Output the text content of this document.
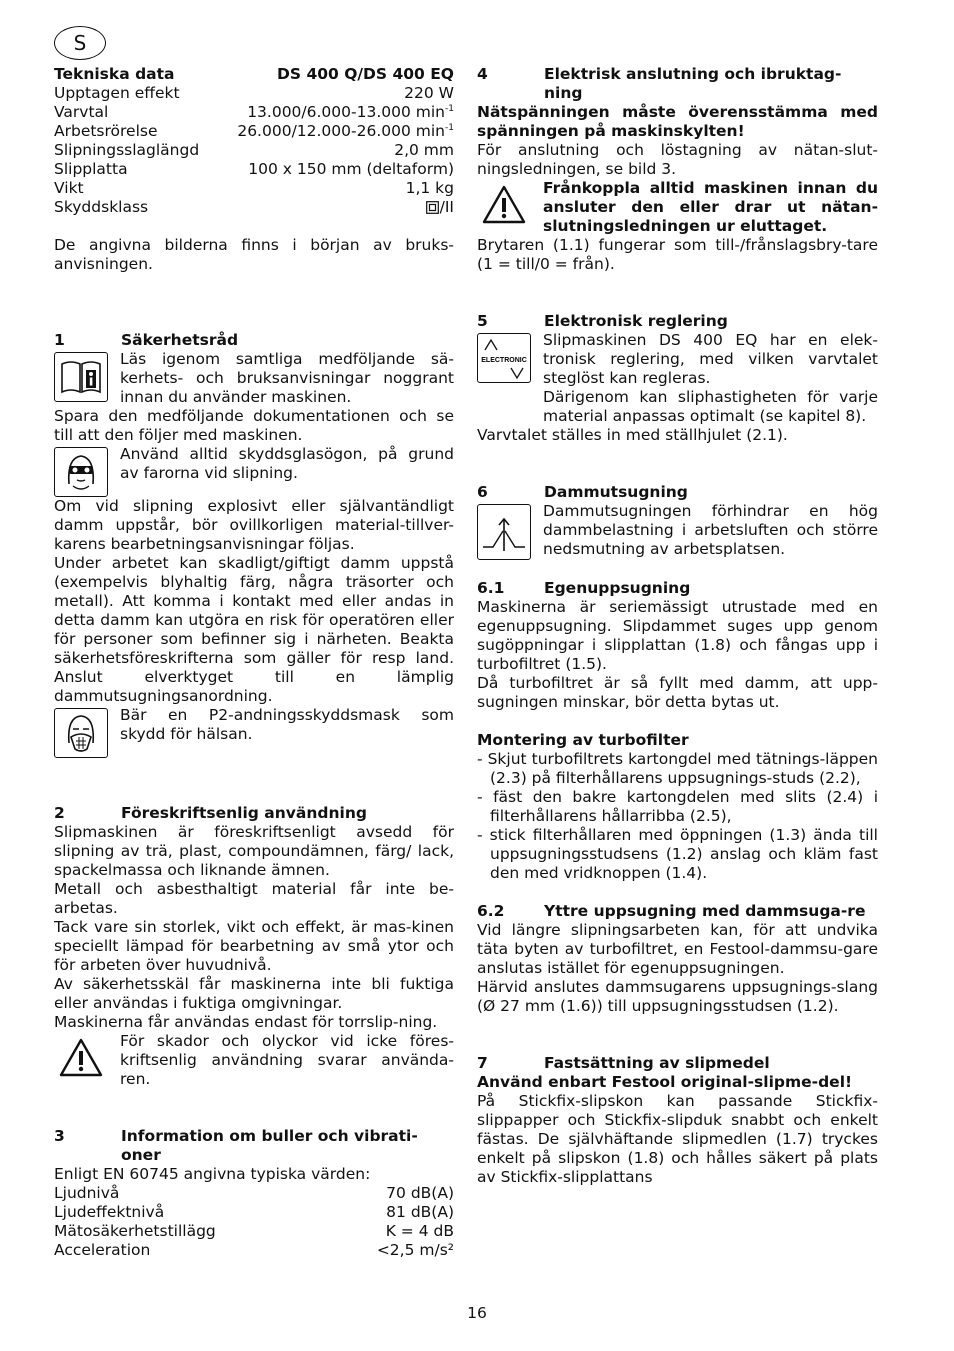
S
Tekniska data	DS 400 Q/DS 400 EQ
Upptagen effekt	220 W
Varvtal	13.000/6.000-13.000 $\min^{-1}$
Arbetsrörelse	26.000/12.000-26.000 $\min^{-1}$
Slipningsslaglängd	2,0 mm
Slipplatta	100 x 150 mm (deltaform)
Vikt	1,1 kg
Skyddsklass	/II

De angivna bilderna finns i början av bruks-anvisningen.

1	Säkerhetsråd

Läs igenom samtliga medföljande sä-kerhets- och bruksanvisningar noggrant innan du använder maskinen.

Spara den medföljande dokumentationen och se till att den följer med maskinen.

Använd alltid skyddsglasögon, på grund av farorna vid slipning.

Om vid slipning explosivt eller självantändligt damm uppstår, bör ovillkorligen material-tillver-karens bearbetningsanvisningar följas.

Under arbetet kan skadligt/giftigt damm uppstå (exempelvis blyhaltig färg, några träsorter och metall). Att komma i kontakt med eller andas in detta damm kan utgöra en risk för operatören eller för personer som befinner sig i närheten. Beakta säkerhetsföreskrifterna som gäller för resp land. Anslut elverktyget till en lämplig dammutsugningsanordning.

Bär en P2-andningsskyddsmask som skydd för hälsan.

2	Föreskriftsenlig användning

Slipmaskinen är föreskriftsenligt avsedd för slipning av trä, plast, compoundämnen, färg/ lack, spackelmassa och liknande ämnen.

Metall och asbesthaltigt material får inte be-arbetas.

Tack vare sin storlek, vikt och effekt, är mas-kinen speciellt lämpad för bearbetning av små ytor och för arbeten över huvudnivå.

Av säkerhetsskäl får maskinerna inte bli fuktiga eller användas i fuktiga omgivningar.

Maskinerna får användas endast för torrslip-ning.

För skador och olyckor vid icke föres-kriftsenlig användning svarar använda-ren.

3	Information om buller och vibrati-oner

Enligt EN 60745 angivna typiska värden:

Ljudnivå	70 dB(A)
Ljudeffektnivå	81 dB(A)
Mätosäkerhetstillägg	K = 4 dB
Acceleration	<2,5 m/s²
4	Elektrisk anslutning och ibruktag-ning

Nätspänningen måste överensstämma med spänningen på maskinskylten!

För anslutning och löstagning av nätan-slut-ningsledningen, se bild 3.

Frånkoppla alltid maskinen innan du ansluter den eller drar ut nätan-slutningsledningen ur eluttaget.

Brytaren (1.1) fungerar som till-/frånslagsbry-tare (1 = till/0 = från).

5	Elektronisk reglering
ELECTRONIC

Slipmaskinen DS 400 EQ har en elek-tronisk reglering, med vilken varvtalet steglöst kan regleras.

Därigenom kan sliphastigheten för varje material anpassas optimalt (se kapitel 8).

Varvtalet ställes in med ställhjulet (2.1).

6	Dammutsugning

Dammutsugningen förhindrar en hög dammbelastning i arbetsluften och större nedsmutning av arbetsplatsen.

6.1	Egenuppsugning

Maskinerna är seriemässigt utrustade med en egenuppsugning. Slipdammet suges upp genom sugöppningar i slipplattan (1.8) och fångas upp i turbofiltret (1.5).

Då turbofiltret är så fyllt med damm, att upp-sugningen minskar, bör detta bytas ut.

Montering av turbofilter

- Skjut turbofiltrets kartongdel med tätnings-läppen (2.3) på filterhållarens uppsugnings-studs (2.2),
- fäst den bakre kartongdelen med slits (2.4) i filterhållarens hållarribba (2.5),
- stick filterhållaren med öppningen (1.3) ända till uppsugningsstudsens (1.2) anslag och kläm fast den med vridknoppen (1.4).
6.2	Yttre uppsugning med dammsuga-re

Vid längre slipningsarbeten kan, för att undvika täta byten av turbofiltret, en Festool-dammsu-gare anslutas istället för egenuppsugningen.

Härvid anslutes dammsugarens uppsugnings-slang (Ø 27 mm (1.6)) till uppsugningsstudsen (1.2).

7	Fastsättning av slipmedel

Använd enbart Festool original-slipme-del!

På Stickfix-slipskon kan passande Stickfix-slippapper och Stickfix-slipduk snabbt och enkelt fästas. De självhäftande slipmedlen (1.7) tryckes enkelt på slipskon (1.8) och hålles säkert på plats av Stickfix-slipplattans

16
